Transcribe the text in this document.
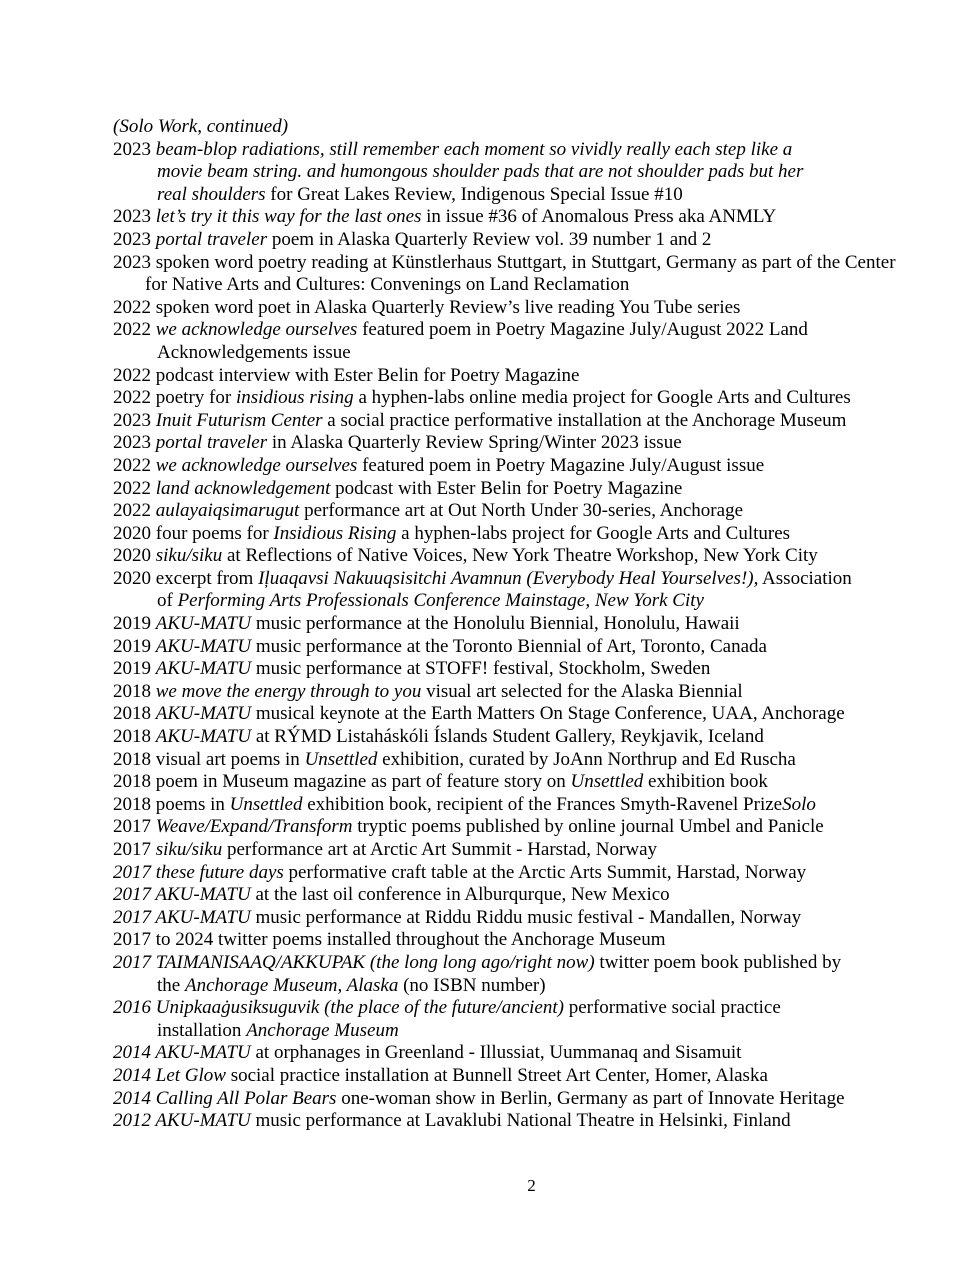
(Solo Work, continued)
2023 beam-blop radiations, still remember each moment so vividly really each step like a
movie beam string. and humongous shoulder pads that are not shoulder pads but her
real shoulders for Great Lakes Review, Indigenous Special Issue #10
2023 let’s try it this way for the last ones in issue #36 of Anomalous Press aka ANMLY
2023 portal traveler poem in Alaska Quarterly Review vol. 39 number 1 and 2
2023 spoken word poetry reading at Künstlerhaus Stuttgart, in Stuttgart, Germany as part of the Center
for Native Arts and Cultures: Convenings on Land Reclamation
2022 spoken word poet in Alaska Quarterly Review’s live reading You Tube series
2022 we acknowledge ourselves featured poem in Poetry Magazine July/August 2022 Land
Acknowledgements issue
2022 podcast interview with Ester Belin for Poetry Magazine
2022 poetry for insidious rising a hyphen-labs online media project for Google Arts and Cultures
2023 Inuit Futurism Center a social practice performative installation at the Anchorage Museum
2023 portal traveler in Alaska Quarterly Review Spring/Winter 2023 issue
2022 we acknowledge ourselves featured poem in Poetry Magazine July/August issue
2022 land acknowledgement podcast with Ester Belin for Poetry Magazine
2022 aulayaiqsimarugut performance art at Out North Under 30-series, Anchorage
2020 four poems for Insidious Rising a hyphen-labs project for Google Arts and Cultures
2020 siku/siku at Reflections of Native Voices, New York Theatre Workshop, New York City
2020 excerpt from Iļuaqavsi Nakuuqsisitchi Avamnun (Everybody Heal Yourselves!), Association
of Performing Arts Professionals Conference Mainstage, New York City
2019 AKU-MATU music performance at the Honolulu Biennial, Honolulu, Hawaii
2019 AKU-MATU music performance at the Toronto Biennial of Art, Toronto, Canada
2019 AKU-MATU music performance at STOFF! festival, Stockholm, Sweden
2018 we move the energy through to you visual art selected for the Alaska Biennial
2018 AKU-MATU musical keynote at the Earth Matters On Stage Conference, UAA, Anchorage
2018 AKU-MATU at RÝMD Listaháskóli Íslands Student Gallery, Reykjavik, Iceland
2018 visual art poems in Unsettled exhibition, curated by JoAnn Northrup and Ed Ruscha
2018 poem in Museum magazine as part of feature story on Unsettled exhibition book
2018 poems in Unsettled exhibition book, recipient of the Frances Smyth-Ravenel PrizeSolo
2017 Weave/Expand/Transform tryptic poems published by online journal Umbel and Panicle
2017 siku/siku performance art at Arctic Art Summit - Harstad, Norway
2017 these future days performative craft table at the Arctic Arts Summit, Harstad, Norway
2017 AKU-MATU at the last oil conference in Alburqurque, New Mexico
2017 AKU-MATU music performance at Riddu Riddu music festival - Mandallen, Norway
2017 to 2024 twitter poems installed throughout the Anchorage Museum
2017 TAIMANISAAQ/AKKUPAK (the long long ago/right now) twitter poem book published by
the Anchorage Museum, Alaska (no ISBN number)
2016 Unipkaaġusiksuguvik (the place of the future/ancient) performative social practice
installation Anchorage Museum
2014 AKU-MATU at orphanages in Greenland - Illussiat, Uummanaq and Sisamuit
2014 Let Glow social practice installation at Bunnell Street Art Center, Homer, Alaska
2014 Calling All Polar Bears one-woman show in Berlin, Germany as part of Innovate Heritage
2012 AKU-MATU music performance at Lavaklubi National Theatre in Helsinki, Finland
2
